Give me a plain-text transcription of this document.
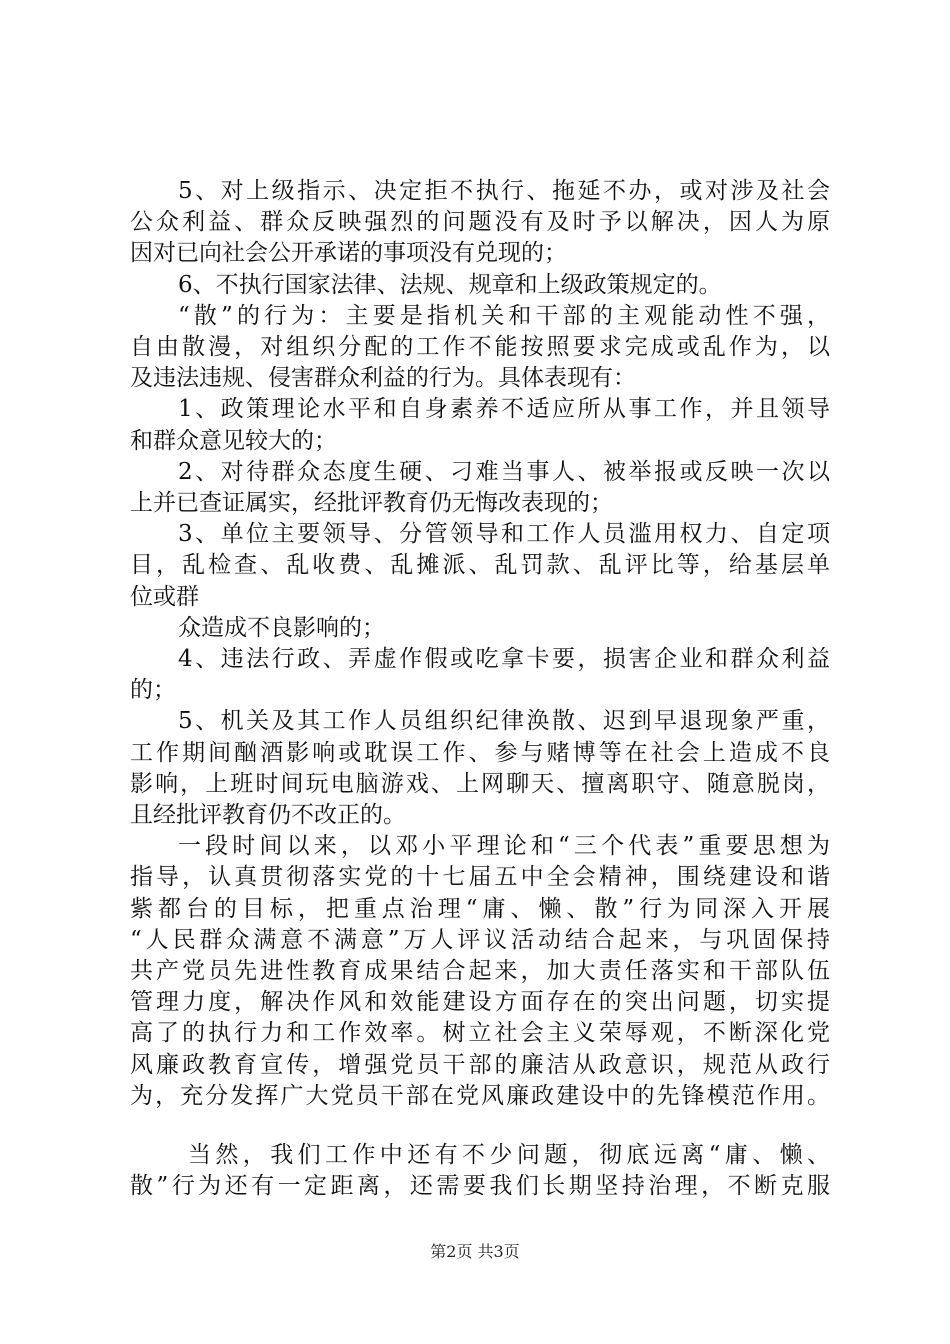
5、对上级指示、决定拒不执行、拖延不办，或对涉及社会
公众利益、群众反映强烈的问题没有及时予以解决，因人为原
因对已向社会公开承诺的事项没有兑现的；
6、不执行国家法律、法规、规章和上级政策规定的。
“散”的行为：主要是指机关和干部的主观能动性不强，
自由散漫，对组织分配的工作不能按照要求完成或乱作为，以
及违法违规、侵害群众利益的行为。具体表现有：
1、政策理论水平和自身素养不适应所从事工作，并且领导
和群众意见较大的；
2、对待群众态度生硬、刁难当事人、被举报或反映一次以
上并已查证属实，经批评教育仍无悔改表现的；
3、单位主要领导、分管领导和工作人员滥用权力、自定项
目，乱检查、乱收费、乱摊派、乱罚款、乱评比等，给基层单
位或群
众造成不良影响的；
4、违法行政、弄虚作假或吃拿卡要，损害企业和群众利益
的；
5、机关及其工作人员组织纪律涣散、迟到早退现象严重，
工作期间酗酒影响或耽误工作、参与赌博等在社会上造成不良
影响，上班时间玩电脑游戏、上网聊天、擅离职守、随意脱岗，
且经批评教育仍不改正的。
一段时间以来，以邓小平理论和“三个代表”重要思想为
指导，认真贯彻落实党的十七届五中全会精神，围绕建设和谐
紫都台的目标，把重点治理“庸、懒、散”行为同深入开展
“人民群众满意不满意”万人评议活动结合起来，与巩固保持
共产党员先进性教育成果结合起来，加大责任落实和干部队伍
管理力度，解决作风和效能建设方面存在的突出问题，切实提
高了的执行力和工作效率。树立社会主义荣辱观，不断深化党
风廉政教育宣传，增强党员干部的廉洁从政意识，规范从政行
为，充分发挥广大党员干部在党风廉政建设中的先锋模范作用。
当然，我们工作中还有不少问题，彻底远离“庸、懒、
散”行为还有一定距离，还需要我们长期坚持治理，不断克服
第2页 共3页
